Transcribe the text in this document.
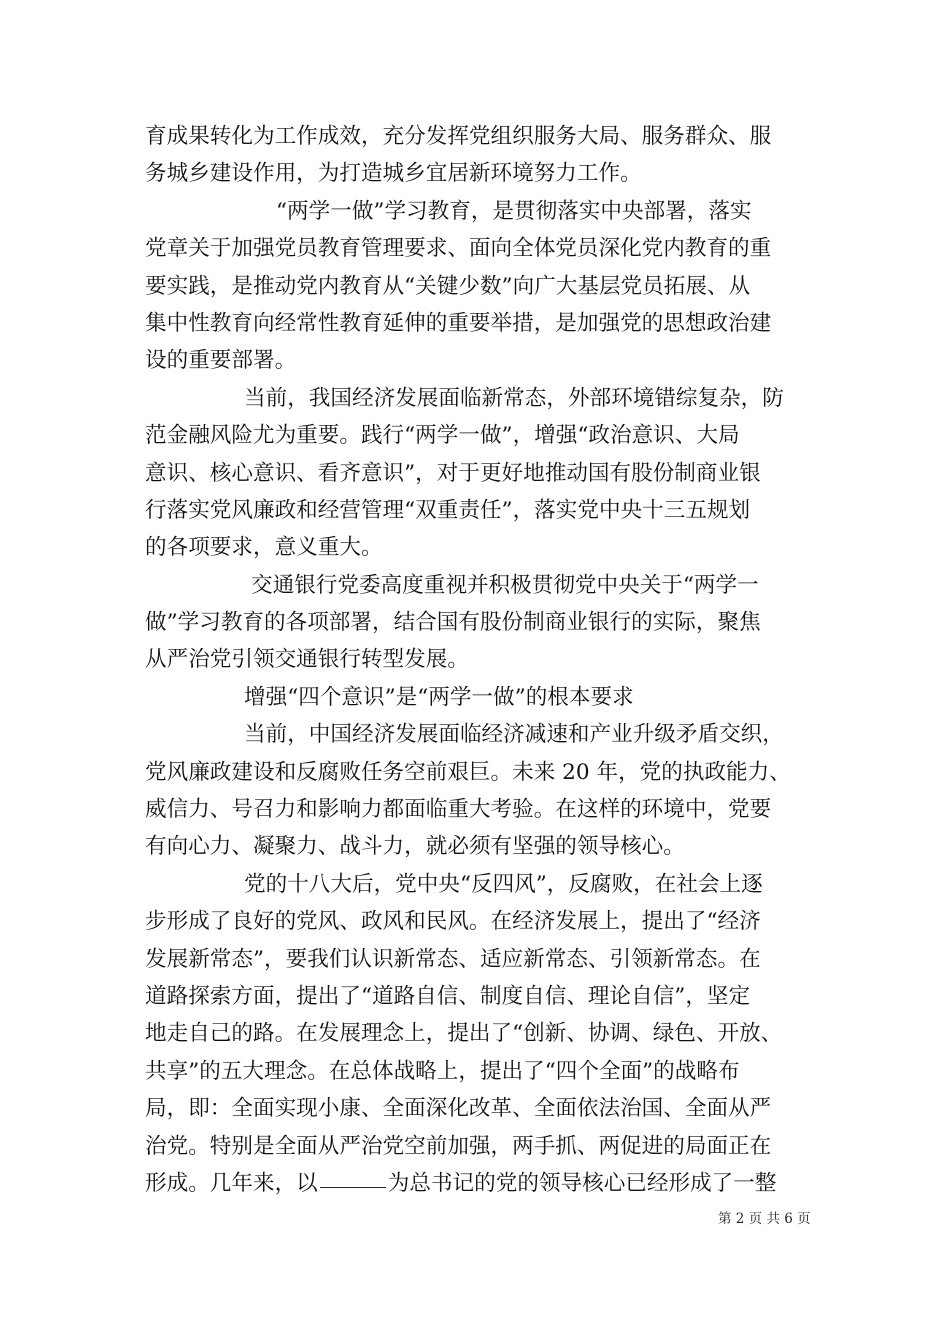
育成果转化为工作成效，充分发挥党组织服务大局、服务群众、服
务城乡建设作用，为打造城乡宜居新环境努力工作。
“两学一做”学习教育，是贯彻落实中央部署，落实
党章关于加强党员教育管理要求、面向全体党员深化党内教育的重
要实践，是推动党内教育从“关键少数”向广大基层党员拓展、从
集中性教育向经常性教育延伸的重要举措，是加强党的思想政治建
设的重要部署。
当前，我国经济发展面临新常态，外部环境错综复杂，防
范金融风险尤为重要。践行“两学一做”，增强“政治意识、大局
意识、核心意识、看齐意识”，对于更好地推动国有股份制商业银
行落实党风廉政和经营管理“双重责任”，落实党中央十三五规划
的各项要求，意义重大。
交通银行党委高度重视并积极贯彻党中央关于“两学一
做”学习教育的各项部署，结合国有股份制商业银行的实际，聚焦
从严治党引领交通银行转型发展。
增强“四个意识”是“两学一做”的根本要求
当前，中国经济发展面临经济减速和产业升级矛盾交织，
党风廉政建设和反腐败任务空前艰巨。未来 20 年，党的执政能力、
威信力、号召力和影响力都面临重大考验。在这样的环境中，党要
有向心力、凝聚力、战斗力，就必须有坚强的领导核心。
党的十八大后，党中央“反四风”，反腐败，在社会上逐
步形成了良好的党风、政风和民风。在经济发展上，提出了“经济
发展新常态”，要我们认识新常态、适应新常态、引领新常态。在
道路探索方面，提出了“道路自信、制度自信、理论自信”，坚定
地走自己的路。在发展理念上，提出了“创新、协调、绿色、开放、
共享”的五大理念。在总体战略上，提出了“四个全面”的战略布
局，即：全面实现小康、全面深化改革、全面依法治国、全面从严
治党。特别是全面从严治党空前加强，两手抓、两促进的局面正在
形成。几年来，以	为总书记的党的领导核心已经形成了一整
第 2 页 共 6 页
